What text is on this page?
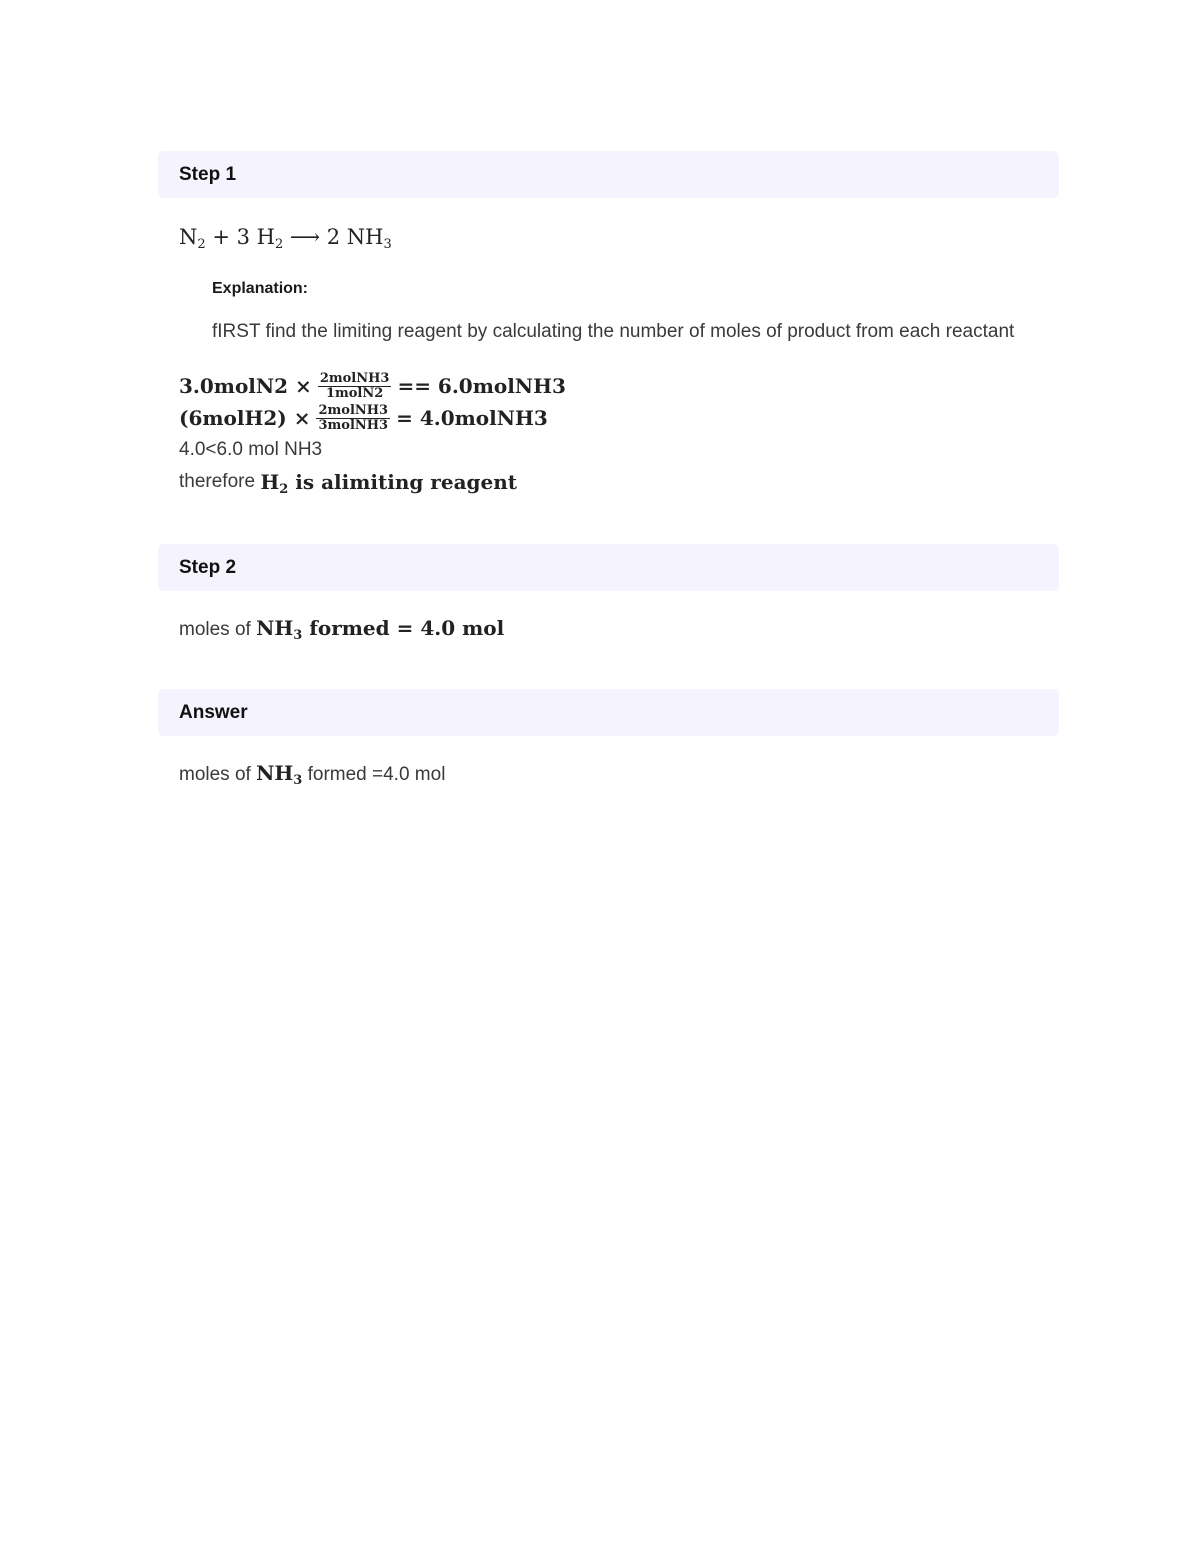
Step 1
$N_2 + 3$ $H_2$ ⟶ 2 $NH_3$
Explanation:
fIRST find the limiting reagent by calculating the number of moles of product from each reactant
3.0molN2 × $\frac{\text{2molNH3}}{\text{1molN2}}$ == 6.0molNH3
(6molH2) × $\frac{\text{2molNH3}}{\text{3molNH3}}$ = 4.0molNH3
4.0<6.0 mol NH3
therefore $H_2$ is alimiting reagent
Step 2
moles of $NH_3$ formed = 4.0 mol
Answer
moles of $NH_3$ formed =4.0 mol
